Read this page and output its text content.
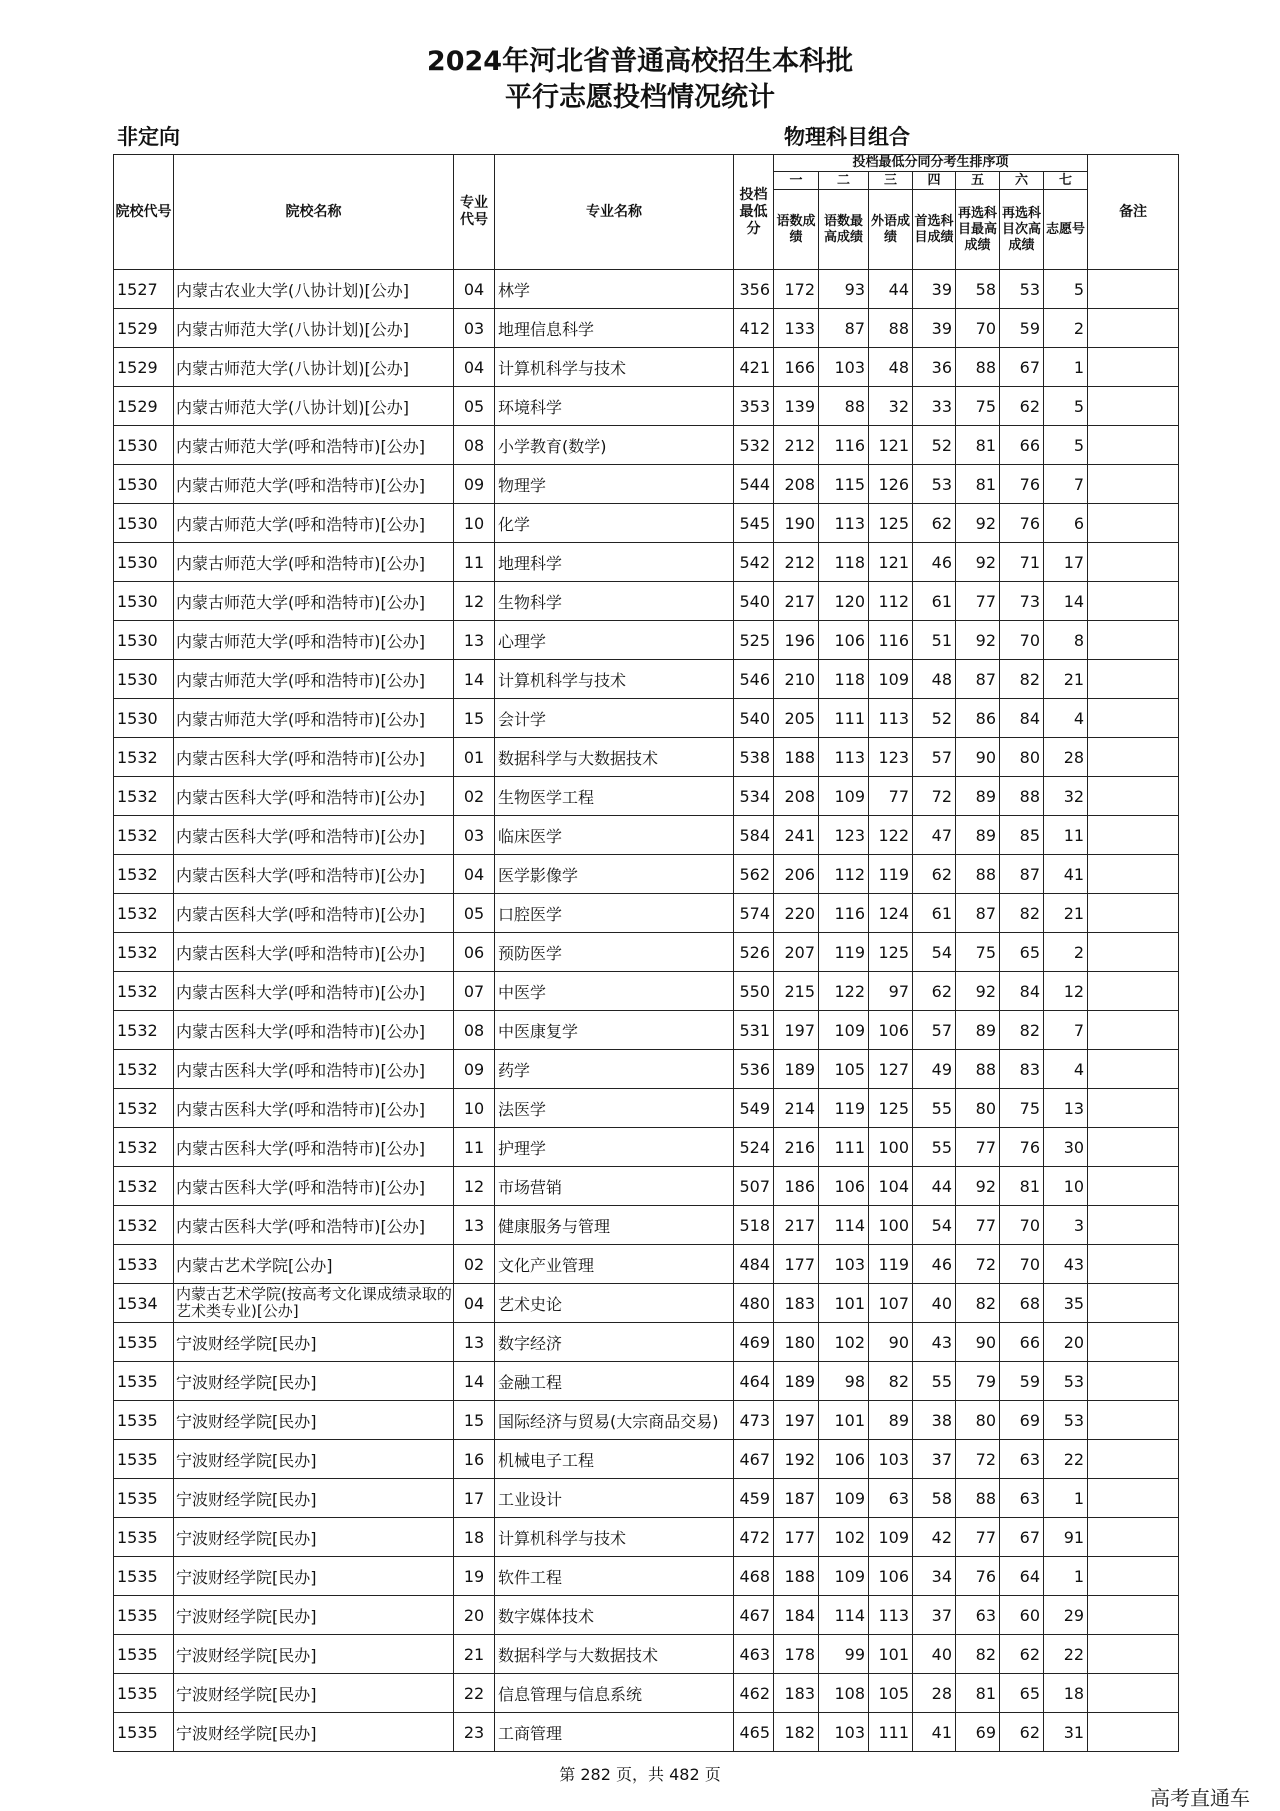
2024年河北省普通高校招生本科批
平行志愿投档情况统计
非定向	物理科目组合
院校代号	院校名称	专业代号	专业名称	投档最低分	投档最低分同分考生排序项							备注
					一	二	三	四	五	六	七	
					语数成绩	语数最高成绩	外语成绩	首选科目成绩	再选科目最高成绩	再选科目次高成绩	志愿号	
1527	内蒙古农业大学(八协计划)[公办]	04	林学	356	172	93	44	39	58	53	5	
1529	内蒙古师范大学(八协计划)[公办]	03	地理信息科学	412	133	87	88	39	70	59	2	
1529	内蒙古师范大学(八协计划)[公办]	04	计算机科学与技术	421	166	103	48	36	88	67	1	
1529	内蒙古师范大学(八协计划)[公办]	05	环境科学	353	139	88	32	33	75	62	5	
1530	内蒙古师范大学(呼和浩特市)[公办]	08	小学教育(数学)	532	212	116	121	52	81	66	5	
1530	内蒙古师范大学(呼和浩特市)[公办]	09	物理学	544	208	115	126	53	81	76	7	
1530	内蒙古师范大学(呼和浩特市)[公办]	10	化学	545	190	113	125	62	92	76	6	
1530	内蒙古师范大学(呼和浩特市)[公办]	11	地理科学	542	212	118	121	46	92	71	17	
1530	内蒙古师范大学(呼和浩特市)[公办]	12	生物科学	540	217	120	112	61	77	73	14	
1530	内蒙古师范大学(呼和浩特市)[公办]	13	心理学	525	196	106	116	51	92	70	8	
1530	内蒙古师范大学(呼和浩特市)[公办]	14	计算机科学与技术	546	210	118	109	48	87	82	21	
1530	内蒙古师范大学(呼和浩特市)[公办]	15	会计学	540	205	111	113	52	86	84	4	
1532	内蒙古医科大学(呼和浩特市)[公办]	01	数据科学与大数据技术	538	188	113	123	57	90	80	28	
1532	内蒙古医科大学(呼和浩特市)[公办]	02	生物医学工程	534	208	109	77	72	89	88	32	
1532	内蒙古医科大学(呼和浩特市)[公办]	03	临床医学	584	241	123	122	47	89	85	11	
1532	内蒙古医科大学(呼和浩特市)[公办]	04	医学影像学	562	206	112	119	62	88	87	41	
1532	内蒙古医科大学(呼和浩特市)[公办]	05	口腔医学	574	220	116	124	61	87	82	21	
1532	内蒙古医科大学(呼和浩特市)[公办]	06	预防医学	526	207	119	125	54	75	65	2	
1532	内蒙古医科大学(呼和浩特市)[公办]	07	中医学	550	215	122	97	62	92	84	12	
1532	内蒙古医科大学(呼和浩特市)[公办]	08	中医康复学	531	197	109	106	57	89	82	7	
1532	内蒙古医科大学(呼和浩特市)[公办]	09	药学	536	189	105	127	49	88	83	4	
1532	内蒙古医科大学(呼和浩特市)[公办]	10	法医学	549	214	119	125	55	80	75	13	
1532	内蒙古医科大学(呼和浩特市)[公办]	11	护理学	524	216	111	100	55	77	76	30	
1532	内蒙古医科大学(呼和浩特市)[公办]	12	市场营销	507	186	106	104	44	92	81	10	
1532	内蒙古医科大学(呼和浩特市)[公办]	13	健康服务与管理	518	217	114	100	54	77	70	3	
1533	内蒙古艺术学院[公办]	02	文化产业管理	484	177	103	119	46	72	70	43	
1534	内蒙古艺术学院(按高考文化课成绩录取的艺术类专业)[公办]	04	艺术史论	480	183	101	107	40	82	68	35	
1535	宁波财经学院[民办]	13	数字经济	469	180	102	90	43	90	66	20	
1535	宁波财经学院[民办]	14	金融工程	464	189	98	82	55	79	59	53	
1535	宁波财经学院[民办]	15	国际经济与贸易(大宗商品交易)	473	197	101	89	38	80	69	53	
1535	宁波财经学院[民办]	16	机械电子工程	467	192	106	103	37	72	63	22	
1535	宁波财经学院[民办]	17	工业设计	459	187	109	63	58	88	63	1	
1535	宁波财经学院[民办]	18	计算机科学与技术	472	177	102	109	42	77	67	91	
1535	宁波财经学院[民办]	19	软件工程	468	188	109	106	34	76	64	1	
1535	宁波财经学院[民办]	20	数字媒体技术	467	184	114	113	37	63	60	29	
1535	宁波财经学院[民办]	21	数据科学与大数据技术	463	178	99	101	40	82	62	22	
1535	宁波财经学院[民办]	22	信息管理与信息系统	462	183	108	105	28	81	65	18	
1535	宁波财经学院[民办]	23	工商管理	465	182	103	111	41	69	62	31	
第 282 页，共 482 页
高考直通车
